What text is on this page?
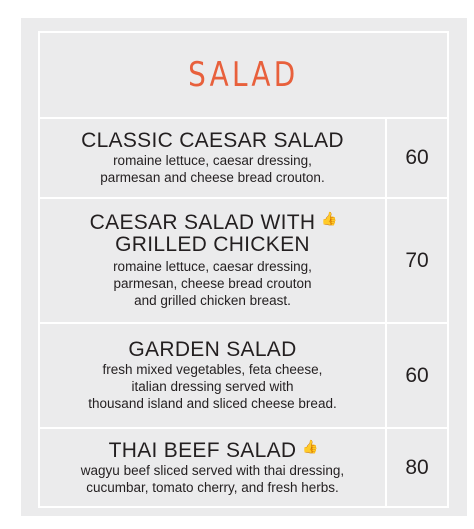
SALAD
CLASSIC CAESAR SALAD
romaine lettuce, caesar dressing,
parmesan and cheese bread crouton.
60
CAESAR SALAD WITH 👍
GRILLED CHICKEN
romaine lettuce, caesar dressing,
parmesan, cheese bread crouton
and grilled chicken breast.
70
GARDEN SALAD
fresh mixed vegetables, feta cheese,
italian dressing served with
thousand island and sliced cheese bread.
60
THAI BEEF SALAD 👍
wagyu beef sliced served with thai dressing,
cucumbar, tomato cherry, and fresh herbs.
80
